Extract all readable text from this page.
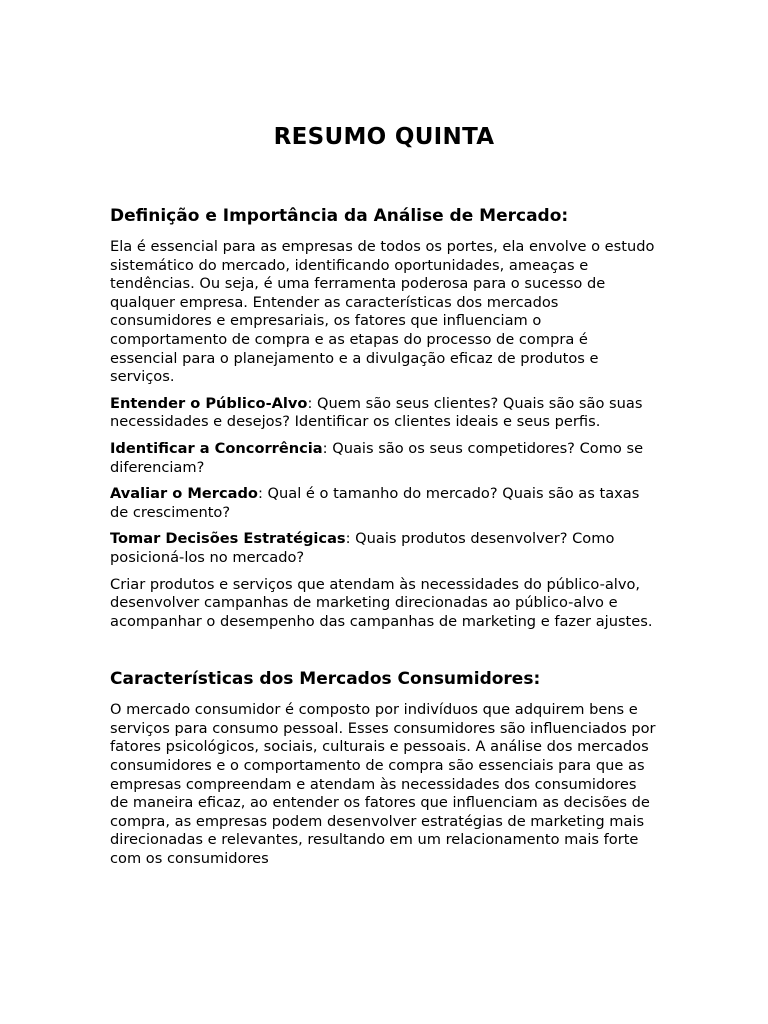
RESUMO QUINTA
Definição e Importância da Análise de Mercado:

Ela é essencial para as empresas de todos os portes, ela envolve o estudo sistemático do mercado, identificando oportunidades, ameaças e tendências. Ou seja, é uma ferramenta poderosa para o sucesso de qualquer empresa. Entender as características dos mercados consumidores e empresariais, os fatores que influenciam o comportamento de compra e as etapas do processo de compra é essencial para o planejamento e a divulgação eficaz de produtos e serviços.

Entender o Público-Alvo: Quem são seus clientes? Quais são são suas necessidades e desejos? Identificar os clientes ideais e seus perfis.

Identificar a Concorrência: Quais são os seus competidores? Como se diferenciam?

Avaliar o Mercado: Qual é o tamanho do mercado? Quais são as taxas de crescimento?

Tomar Decisões Estratégicas: Quais produtos desenvolver? Como posicioná-los no mercado?

Criar produtos e serviços que atendam às necessidades do público-alvo, desenvolver campanhas de marketing direcionadas ao público-alvo e acompanhar o desempenho das campanhas de marketing e fazer ajustes.

Características dos Mercados Consumidores:

O mercado consumidor é composto por indivíduos que adquirem bens e serviços para consumo pessoal. Esses consumidores são influenciados por fatores psicológicos, sociais, culturais e pessoais. A análise dos mercados consumidores e o comportamento de compra são essenciais para que as empresas compreendam e atendam às necessidades dos consumidores de maneira eficaz, ao entender os fatores que influenciam as decisões de compra, as empresas podem desenvolver estratégias de marketing mais direcionadas e relevantes, resultando em um relacionamento mais forte com os consumidores
